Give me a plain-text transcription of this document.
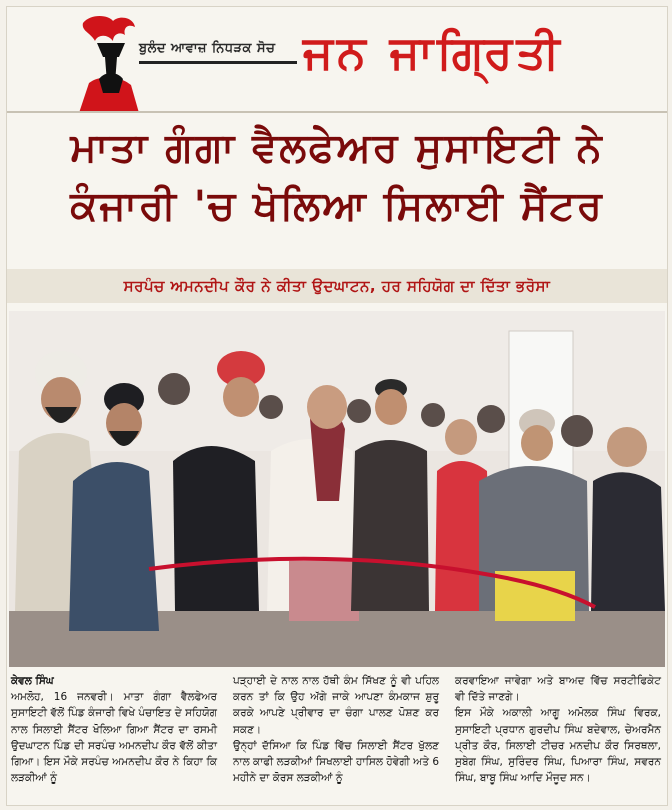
ਬੁਲੰਦ ਆਵਾਜ਼ ਨਿਧੜਕ ਸੋਚ ਜਨ ਜਾਗ੍ਰਿਤੀ
ਮਾਤਾ ਗੰਗਾ ਵੈਲਫੇਅਰ ਸੁਸਾਇਟੀ ਨੇ
ਕੰਜਾਰੀ 'ਚ ਖੋਲਿਆ ਸਿਲਾਈ ਸੈਂਟਰ
ਸਰਪੰਚ ਅਮਨਦੀਪ ਕੌਰ ਨੇ ਕੀਤਾ ਉਦਘਾਟਨ, ਹਰ ਸਹਿਯੋਗ ਦਾ ਦਿੱਤਾ ਭਰੋਸਾ

ਕੇਵਲ ਸਿੰਘ

ਅਮਲੋਹ, 16 ਜਨਵਰੀ। ਮਾਤਾ ਗੰਗਾ ਵੈਲਫੇਅਰ ਸੁਸਾਇਟੀ ਵੱਲੋਂ ਪਿੰਡ ਕੰਜਾਰੀ ਵਿਖੇ ਪੰਚਾਇਤ ਦੇ ਸਹਿਯੋਗ ਨਾਲ ਸਿਲਾਈ ਸੈਂਟਰ ਖੋਲਿਆ ਗਿਆ ਸੈਂਟਰ ਦਾ ਰਸਮੀ ਉਦਘਾਟਨ ਪਿੰਡ ਦੀ ਸਰਪੰਚ ਅਮਨਦੀਪ ਕੌਰ ਵੱਲੋਂ ਕੀਤਾ ਗਿਆ। ਇਸ ਮੌਕੇ ਸਰਪੰਚ ਅਮਨਦੀਪ ਕੌਰ ਨੇ ਕਿਹਾ ਕਿ ਲੜਕੀਆਂ ਨੂੰ

ਪੜ੍ਹਾਈ ਦੇ ਨਾਲ ਨਾਲ ਹੱਥੀ ਕੰਮ ਸਿੱਖਣ ਨੂੰ ਵੀ ਪਹਿਲ ਕਰਨ ਤਾਂ ਕਿ ਉਹ ਅੱਗੇ ਜਾਕੇ ਆਪਣਾ ਕੰਮਕਾਜ ਸ਼ੁਰੂ ਕਰਕੇ ਆਪਣੇ ਪ੍ਰੀਵਾਰ ਦਾ ਚੰਗਾ ਪਾਲਣ ਪੋਸ਼ਣ ਕਰ ਸਕਣ।

ਉਨ੍ਹਾਂ ਦੱਸਿਆ ਕਿ ਪਿੰਡ ਵਿੱਚ ਸਿਲਾਈ ਸੈਂਟਰ ਖੁੱਲਣ ਨਾਲ ਕਾਫੀ ਲੜਕੀਆਂ ਸਿਖਲਾਈ ਹਾਸਿਲ ਹੋਵੇਗੀ ਅਤੇ 6 ਮਹੀਨੇ ਦਾ ਕੋਰਸ ਲੜਕੀਆਂ ਨੂੰ

ਕਰਵਾਇਆ ਜਾਵੇਗਾ ਅਤੇ ਬਾਅਦ ਵਿੱਚ ਸਰਟੀਫਿਕੇਟ ਵੀ ਦਿੱਤੇ ਜਾਣਗੇ।

ਇਸ ਮੌਕੇ ਅਕਾਲੀ ਆਗੂ ਅਮੋਲਕ ਸਿੰਘ ਵਿਰਕ, ਸੁਸਾਇਟੀ ਪ੍ਰਧਾਨ ਗੁਰਦੀਪ ਸਿੰਘ ਬਦੇਵਾਲ, ਚੇਅਰਮੈਨ ਪ੍ਰੀਤ ਕੌਰ, ਸਿਲਾਈ ਟੀਚਰ ਮਨਦੀਪ ਕੌਰ ਸਿਰਥਲਾ, ਸੁਬੇਗ ਸਿੰਘ, ਸੁਰਿੰਦਰ ਸਿੰਘ, ਪਿਆਰਾ ਸਿੰਘ, ਸਵਰਨ ਸਿੰਘ, ਬਾਬੂ ਸਿੰਘ ਆਦਿ ਮੌਜੂਦ ਸਨ।
